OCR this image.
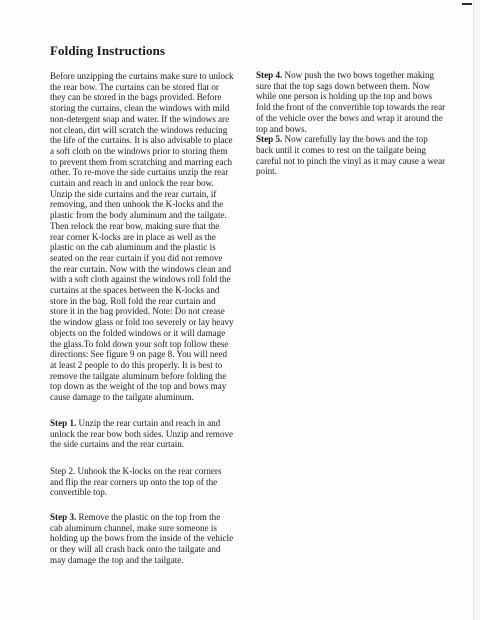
Folding Instructions

Before unzipping the curtains make sure to unlock the rear bow. The curtains can be stored flat or they can be stored in the bags provided. Before storing the curtains, clean the windows with mild non-detergent soap and water. If the windows are not clean, dirt will scratch the windows reducing the life of the curtains. It is also advisable to place a soft cloth on the windows prior to storing them to prevent them from scratching and marring each other. To re-move the side curtains unzip the rear curtain and reach in and unlock the rear bow. Unzip the side curtains and the rear curtain, if removing, and then unhook the K-locks and the plastic from the body aluminum and the tailgate. Then relock the rear bow, making sure that the rear corner K-locks are in place as well as the plastic on the cab aluminum and the plastic is seated on the rear curtain if you did not remove the rear curtain. Now with the windows clean and with a soft cloth against the windows roll fold the curtains at the spaces between the K-locks and store in the bag. Roll fold the rear curtain and store it in the bag provided. Note: Do not crease the window glass or fold too severely or lay heavy objects on the folded windows or it will damage the glass.To fold down your soft top follow these directions: See figure 9 on page 8. You will need at least 2 people to do this properly. It is best to remove the tailgate aluminum before folding the top down as the weight of the top and bows may cause damage to the tailgate aluminum.

Step 1. Unzip the rear curtain and reach in and unlock the rear bow both sides. Unzip and remove the side curtains and the rear curtain.

Step 2. Unhook the K-locks on the rear corners and flip the rear corners up onto the top of the convertible top.

Step 3. Remove the plastic on the top from the cab aluminum channel, make sure someone is holding up the bows from the inside of the vehicle or they will all crash back onto the tailgate and may damage the top and the tailgate.

Step 4. Now push the two bows together making sure that the top sags down between them. Now while one person is holding up the top and bows fold the front of the convertible top towards the rear of the vehicle over the bows and wrap it around the top and bows.

Step 5. Now carefully lay the bows and the top back until it comes to rest on the tailgate being careful not to pinch the vinyl as it may cause a wear point.
